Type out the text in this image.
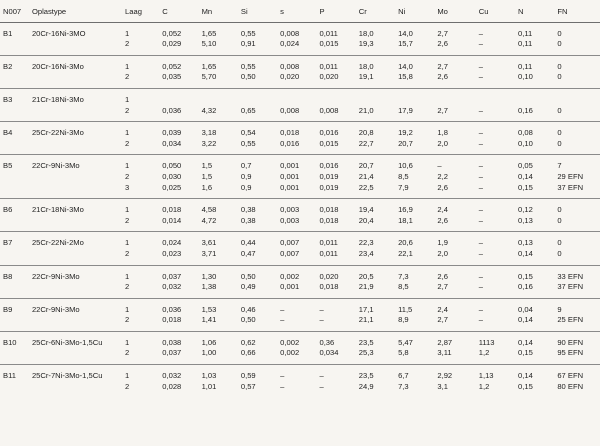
N007	Oplastype	Laag	C	Mn	Si	s	P	Cr	Ni	Mo	Cu	N	FN
B1	20Cr-16Ni-3MO	1	0,052	1,65	0,55	0,008	0,011	18,0	14,0	2,7	–	0,11	0
		2	0,029	5,10	0,91	0,024	0,015	19,3	15,7	2,6	–	0,11	0
B2	20Cr-16Ni-3Mo	1	0,052	1,65	0,55	0,008	0,011	18,0	14,0	2,7	–	0,11	0
		2	0,035	5,70	0,50	0,020	0,020	19,1	15,8	2,6	–	0,10	0
B3	21Cr-18Ni-3Mo	1											
		2	0,036	4,32	0,65	0,008	0,008	21,0	17,9	2,7	–	0,16	0
B4	25Cr-22Ni-3Mo	1	0,039	3,18	0,54	0,018	0,016	20,8	19,2	1,8	–	0,08	0
		2	0,034	3,22	0,55	0,016	0,015	22,7	20,7	2,0	–	0,10	0
B5	22Cr-9Ni-3Mo	1	0,050	1,5	0,7	0,001	0,016	20,7	10,6	–	–	0,05	7
		2	0,030	1,5	0,9	0,001	0,019	21,4	8,5	2,2	–	0,14	29 EFN
		3	0,025	1,6	0,9	0,001	0,019	22,5	7,9	2,6	–	0,15	37 EFN
B6	21Cr-18Ni-3Mo	1	0,018	4,58	0,38	0,003	0,018	19,4	16,9	2,4	–	0,12	0
		2	0,014	4,72	0,38	0,003	0,018	20,4	18,1	2,6	–	0,13	0
B7	25Cr-22Ni-2Mo	1	0,024	3,61	0,44	0,007	0,011	22,3	20,6	1,9	–	0,13	0
		2	0,023	3,71	0,47	0,007	0,011	23,4	22,1	2,0	–	0,14	0
B8	22Cr-9Ni-3Mo	1	0,037	1,30	0,50	0,002	0,020	20,5	7,3	2,6	–	0,15	33 EFN
		2	0,032	1,38	0,49	0,001	0,018	21,9	8,5	2,7	–	0,16	37 EFN
B9	22Cr-9Ni-3Mo	1	0,036	1,53	0,46	–	–	17,1	11,5	2,4	–	0,04	9
		2	0,018	1,41	0,50	–	–	21,1	8,9	2,7	–	0,14	25 EFN
B10	25Cr-6Ni-3Mo-1,5Cu	1	0,038	1,06	0,62	0,002	0,36	23,5	5,47	2,87	1113	0,14	90 EFN
		2	0,037	1,00	0,66	0,002	0,034	25,3	5,8	3,11	1,2	0,15	95 EFN
B11	25Cr-7Ni-3Mo-1,5Cu	1	0,032	1,03	0,59	–	–	23,5	6,7	2,92	1,13	0,14	67 EFN
		2	0,028	1,01	0,57	–	–	24,9	7,3	3,1	1,2	0,15	80 EFN
